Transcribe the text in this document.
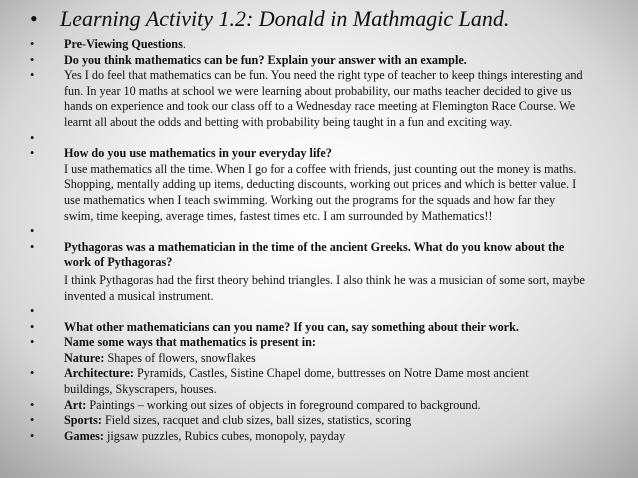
•	Learning Activity 1.2: Donald in Mathmagic Land.
•	Pre-Viewing Questions.
•	Do you think mathematics can be fun? Explain your answer with an example.
•	Yes I do feel that mathematics can be fun. You need the right type of teacher to keep things interesting and
fun. In year 10 maths at school we were learning about probability, our maths teacher decided to give us
hands on experience and took our class off to a Wednesday race meeting at Flemington Race Course. We
learnt all about the odds and betting with probability being taught in a fun and exciting way.
•

•	How do you use mathematics in your everyday life?
I use mathematics all the time. When I go for a coffee with friends, just counting out the money is maths.
Shopping, mentally adding up items, deducting discounts, working out prices and which is better value. I
use mathematics when I teach swimming. Working out the programs for the squads and how far they
swim, time keeping, average times, fastest times etc. I am surrounded by Mathematics!!
•

•	Pythagoras was a mathematician in the time of the ancient Greeks. What do you know about the
work of Pythagoras?
I think Pythagoras had the first theory behind triangles. I also think he was a musician of some sort, maybe
invented a musical instrument.
•

•	What other mathematicians can you name? If you can, say something about their work.
•	Name some ways that mathematics is present in:
Nature: Shapes of flowers, snowflakes
•	Architecture: Pyramids, Castles, Sistine Chapel dome, buttresses on Notre Dame most ancient
buildings, Skyscrapers, houses.
•	Art: Paintings – working out sizes of objects in foreground compared to background.
•	Sports: Field sizes, racquet and club sizes, ball sizes, statistics, scoring
•	Games: jigsaw puzzles, Rubics cubes, monopoly, payday
